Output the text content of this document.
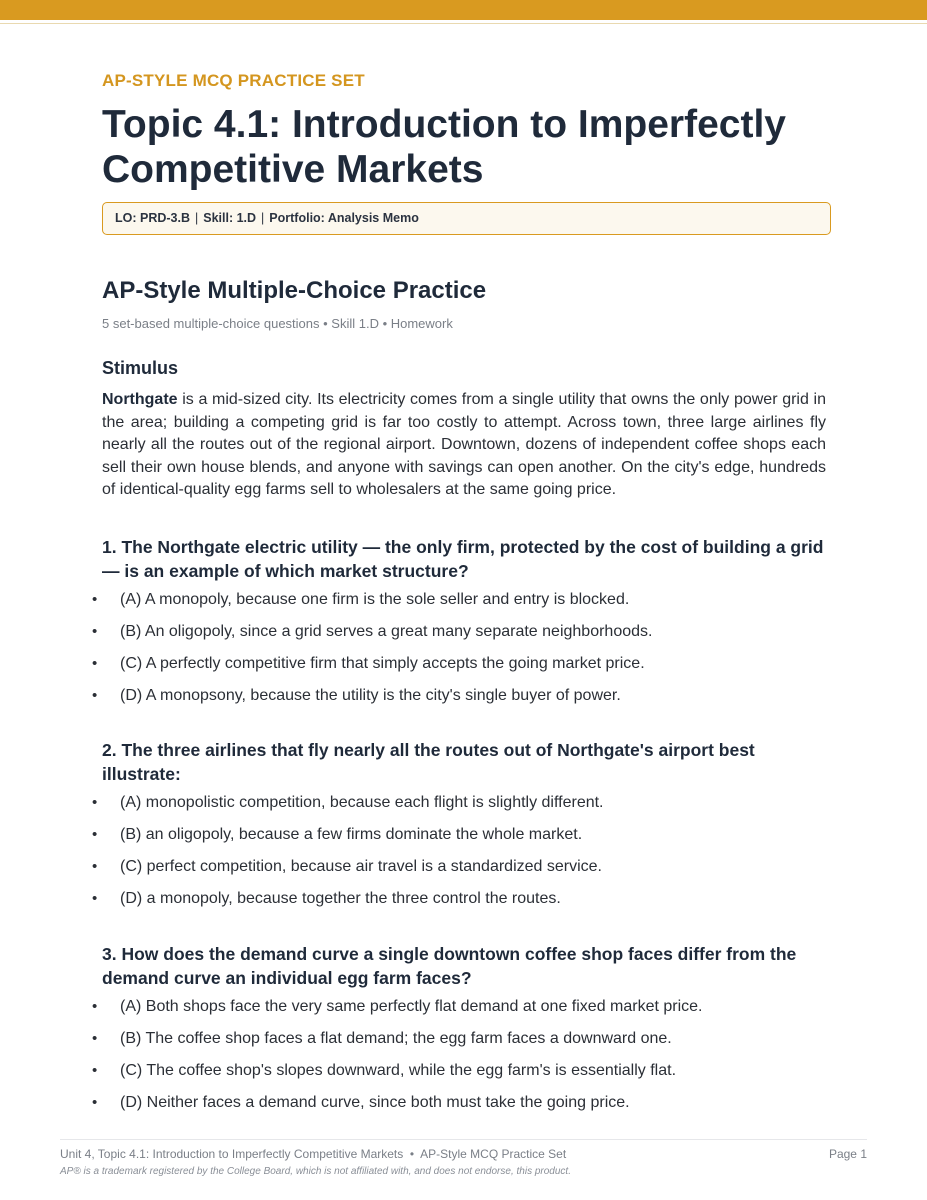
AP-STYLE MCQ PRACTICE SET
Topic 4.1: Introduction to Imperfectly Competitive Markets
LO: PRD-3.B | Skill: 1.D | Portfolio: Analysis Memo
AP-Style Multiple-Choice Practice
5 set-based multiple-choice questions • Skill 1.D • Homework
Stimulus

Northgate is a mid-sized city. Its electricity comes from a single utility that owns the only power grid in the area; building a competing grid is far too costly to attempt. Across town, three large airlines fly nearly all the routes out of the regional airport. Downtown, dozens of independent coffee shops each sell their own house blends, and anyone with savings can open another. On the city's edge, hundreds of identical-quality egg farms sell to wholesalers at the same going price.

1. The Northgate electric utility — the only firm, protected by the cost of building a grid — is an example of which market structure?

• (A) A monopoly, because one firm is the sole seller and entry is blocked.
• (B) An oligopoly, since a grid serves a great many separate neighborhoods.
• (C) A perfectly competitive firm that simply accepts the going market price.
• (D) A monopsony, because the utility is the city's single buyer of power.

2. The three airlines that fly nearly all the routes out of Northgate's airport best illustrate:

• (A) monopolistic competition, because each flight is slightly different.
• (B) an oligopoly, because a few firms dominate the whole market.
• (C) perfect competition, because air travel is a standardized service.
• (D) a monopoly, because together the three control the routes.

3. How does the demand curve a single downtown coffee shop faces differ from the demand curve an individual egg farm faces?

• (A) Both shops face the very same perfectly flat demand at one fixed market price.
• (B) The coffee shop faces a flat demand; the egg farm faces a downward one.
• (C) The coffee shop's slopes downward, while the egg farm's is essentially flat.
• (D) Neither faces a demand curve, since both must take the going price.
Unit 4, Topic 4.1: Introduction to Imperfectly Competitive Markets  •  AP-Style MCQ Practice Set	Page 1
AP® is a trademark registered by the College Board, which is not affiliated with, and does not endorse, this product.
